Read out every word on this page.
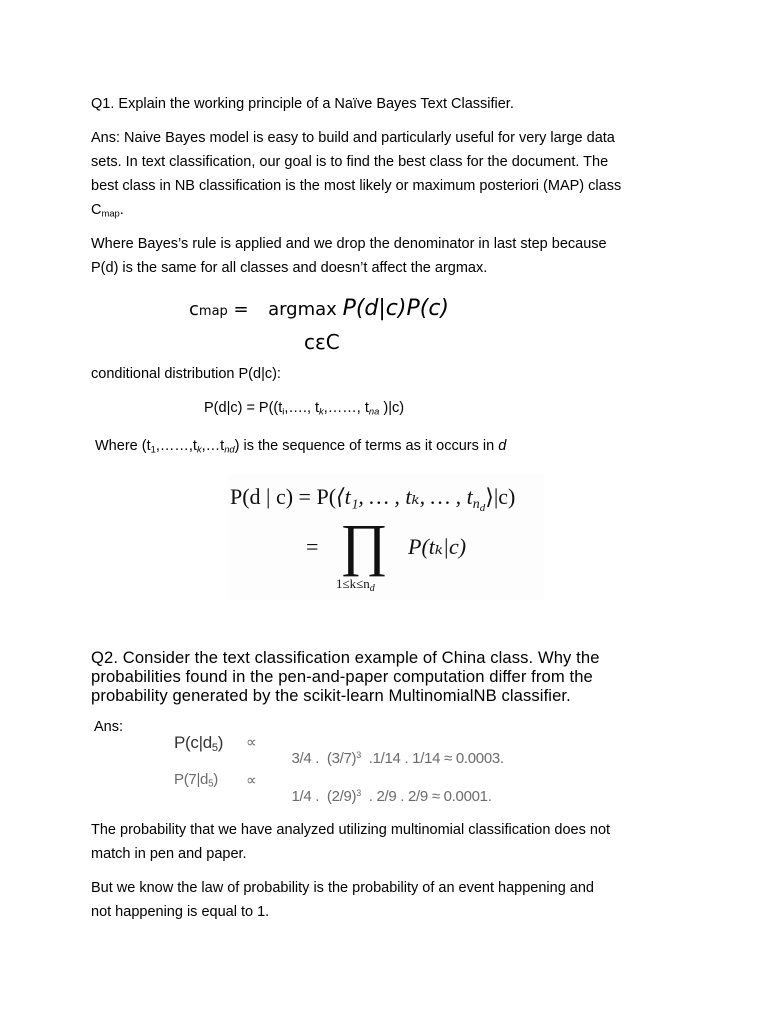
Q1. Explain the working principle of a Naïve Bayes Text Classifier.
Ans: Naive Bayes model is easy to build and particularly useful for very large data
sets. In text classification, our goal is to find the best class for the document. The
best class in NB classification is the most likely or maximum posteriori (MAP) class
$C_{map}$.
Where Bayes’s rule is applied and we drop the denominator in last step because
P(d) is the same for all classes and doesn’t affect the argmax.
cmap =  argmax P(d|c)P(c)
cεC
conditional distribution P(d|c):
$P(d|c) = P((t_i,\dots$., $t_k,\dots\dots$, $t_{na}$ )|c)
Where $(t_1,\dots\dots,t_k,\dots t_{nd})$ is the sequence of terms as it occurs in d
P(d | c) = P(⟨t₁, … , tₖ, … , $tn_d⟩|c$)
= ∏ P(tₖ|c)
$1\le k\le n_d$
Q2. Consider the text classification example of China class. Why the
probabilities found in the pen-and-paper computation differ from the
probability generated by the scikit-learn MultinomialNB classifier.
Ans:
$P(c|d_5)$ ∝

3/4 .  $(3/7)^3$  .1/14 . 1/14 ≈ 0.0003.

$P(7|d_5)$ ∝

1/4 .  $(2/9)^3$  . 2/9 . 2/9 ≈ 0.0001.

The probability that we have analyzed utilizing multinomial classification does not
match in pen and paper.
But we know the law of probability is the probability of an event happening and
not happening is equal to 1.
